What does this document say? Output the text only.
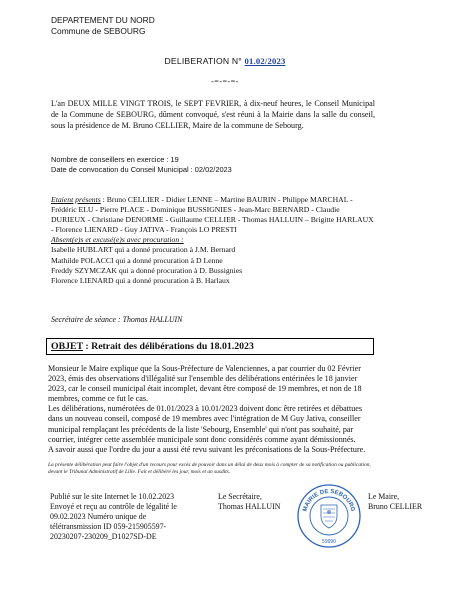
DEPARTEMENT DU NORD
Commune de SEBOURG
DELIBERATION N° 01.02/2023
-=-=-=-

L'an DEUX MILLE VINGT TROIS, le SEPT FEVRIER, à dix-neuf heures, le Conseil Municipal de la Commune de SEBOURG, dûment convoqué, s'est réuni à la Mairie dans la salle du conseil, sous la présidence de M. Bruno CELLIER, Maire de la commune de Sebourg.

Nombre de conseillers en exercice : 19
Date de convocation du Conseil Municipal : 02/02/2023
Etaient présents : Bruno CELLIER - Didier LENNE – Martine BAURIN - Philippe MARCHAL - Frédéric ELU - Pierre PLACE - Dominique BUSSIGNIES - Jean-Marc BERNARD - Claudie DURIEUX - Christiane DENORME - Guillaume CELLIER - Thomas HALLUIN – Brigitte HARLAUX - Florence LIENARD - Guy JATIVA - François LO PRESTI
Absent(e)s et excusé(e)s avec procuration :
Isabelle HUBLART qui a donné procuration à J.M. Bernard
Mathilde POLACCI qui a donné procuration à D Lenne
Freddy SZYMCZAK qui a donné procuration à D. Bussignies
Florence LIENARD qui a donné procuration à B. Harlaux
Secrétaire de séance : Thomas HALLUIN
OBJET : Retrait des délibérations du 18.01.2023

Monsieur le Maire explique que la Sous-Préfecture de Valenciennes, a par courrier du 02 Février 2023, émis des observations d'illégalité sur l'ensemble des délibérations entérinées le 18 janvier 2023, car le conseil municipal était incomplet, devant être composé de 19 membres, et non de 18 membres, comme ce fut le cas.

Les délibérations, numérotées de 01.01/2023 à 10.01/2023 doivent donc être retirées et débattues dans un nouveau conseil, composé de 19 membres avec l'intégration de M Guy Jativa, conseiller municipal remplaçant les précédents de la liste 'Sebourg, Ensemble' qui n'ont pas souhaité, par courrier, intégrer cette assemblée municipale sont donc considérés comme ayant démissionnés.

A savoir aussi que l'ordre du jour a aussi été revu suivant les préconisations de la Sous-Préfecture.

La présente délibération peut faire l'objet d'un recours pour excès de pouvoir dans un délai de deux mois à compter de sa notification ou publication, devant le Tribunal Administratif de Lille. Fait et délibéré les jour, mois et an susdits.

Publié sur le site Internet le 10.02.2023
Envoyé et reçu au contrôle de légalité le
09.02.2023 Numéro unique de
télétransmission ID 059-215905597-
20230207-230209_D1027SD-DE
Le Secrétaire,
Thomas HALLUIN
Le Maire,
Bruno CELLIER
MAIRIE DE SEBOURG
59990
